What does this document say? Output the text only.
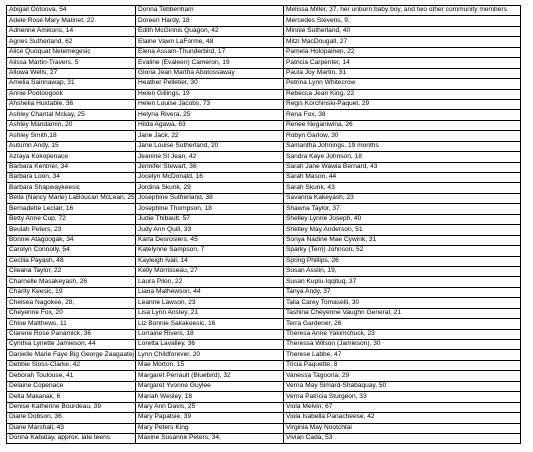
Abigail Ootoova, 54	Donna Tebbenham	Melissa Miller, 37, her unborn baby boy, and two other community members
Adele Rose Mary Matinet, 22	Doreen Hardy, 18	Mercedes Stevens, 9,
Adrienne Amikons, 14	Edith McGinnis Quagon, 42	Minnie Sutherland, 40
Agnes Sutherland, 62	Elaine Vawn LaForme, 48	Mitzi MacDougall, 27
Alice Quoquat Netemegesic	Elena Assam-Thunderbird, 17	Pamela Holopainen, 22
Alissa Martin-Travers, 5	Evaline (Evaleen) Cameron, 19	Patricia Carpenter, 14
Allowa Wells, 27	Gloria Jean Martha Abotossaway	Paula Joy Martin, 31
Amelia Sainnawap, 31	Heather Pelletier, 30	Petrina Lynn Whitecrow
Annie Pootoogook	Helen Gillings, 19	Rebecca Jean King, 22
Ahshelia Huxtable, 36	Helen Louise Jacobs, 73	Regis Korchinski-Paquet, 29
Ashley Chantal Mckay, 25	Helyna Rivera, 25	Rena Fox, 38
Ashley Mandamin, 20	Hilda Agawa, 63	Renee Neganiwina, 26
Ashley Smith,18	Jane Jack, 22	Robyn Garlow, 30
Autumn Andy, 15	Jane Louise Sutherland, 20	Samantha Johnings, 19 months
Azraya Kokopenace	Jeanine St Jean, 42	Sandra Kaye Johnson, 18
Barbara Kentner, 34	Jennifer Stewart, 36	Sarah Jane Wawia Bernard, 43
Barbara Loon, 34	Jocelyn McDonald, 16	Sarah Mason, 44
Barbara Shapwaykeesic	Jordina Skunk, 29	Sarah Skunk, 43
Bella (Nancy Marie) LaBoucan McLean, 25	Josephine Sutherland, 38	Savanna Kakeyash, 23
Bernadette Leclair, 16	Josephine Thompson, 18	Shawna Taylor, 37
Betty Anne Cup, 72	Judie Thibault, 57	Shelley Lynne Joseph, 40
Beulah Peters, 23	Judy Ann Quill, 33	Shelley May Anderson, 51
Bonnie Atagoogak, 34	Karla Desrosiers, 45	Sonya Nadine Mae Cywink, 31
Carolyn Connolly, 54	Katelynne Sampson, 7	Sparky (Terri) Johnson, 52
Cecilia Payash, 48	Kayleigh Ivall, 14	Spring Phillips, 26
Cileana Taylor, 22	Kelly Morrisseau, 27	Susan Asslin, 19,
Charnelle Masakeyash, 26	Laura Pilon, 22	Susan Kuplu-Iqqituq, 37
Charity Keesic, 19	Liana Mathewson, 44	Tanya Andy, 37
Chelsea Nagokee, 28,	Leanne Lawson, 23	Talia Carey Tomaselli, 30
Cheyenne Fox, 20	Lisa Lynn Anstey, 21	Tashina Cheyenne Vaughn General, 21
Chloe Matthews, 11	Liz Bonnie Sakakeesic, 16	Terra Gardener, 26
Clarene Rose Panamick, 36	Lorraine Rivers, 18	Theresa Anne Yakimchuck, 23
Cynthia Lynette Jamieson, 44	Loretta Lavalley, 36	Theressa Wilson (Jamieson), 30
Danielle Marie Faye Big George Zaagaatej	Lynn Childforever, 20	Therese Labbe, 47
Debbie Sloss-Clarke, 42	Mae Morton, 15	Tricia Paquette, 8
Deborah Toulouse, 41	Margaret Perrault (Bluebird), 32	Vanessa Tagoona, 29
Delaine Copenace	Margaret Yvonne Guylee	Verna May Simard-Shabaquay, 50
Delta Makanak, 6	Mariah Wesley, 18	Verna Patricia Sturgeon, 33
Denise Katherine Bourdeau, 39	Mary Ann Davis, 25	Viola Melvin, 67
Diane Dobson, 36	Mary Papatsie, 39	Viola Isabella Panacheese, 42
Diane Marshall, 43	Mary Peters King	Virginia May Nootchtai
Donna Kabatay, approx. late teens	Maxine Susanne Peters, 34,	Vivian Cada, 53
